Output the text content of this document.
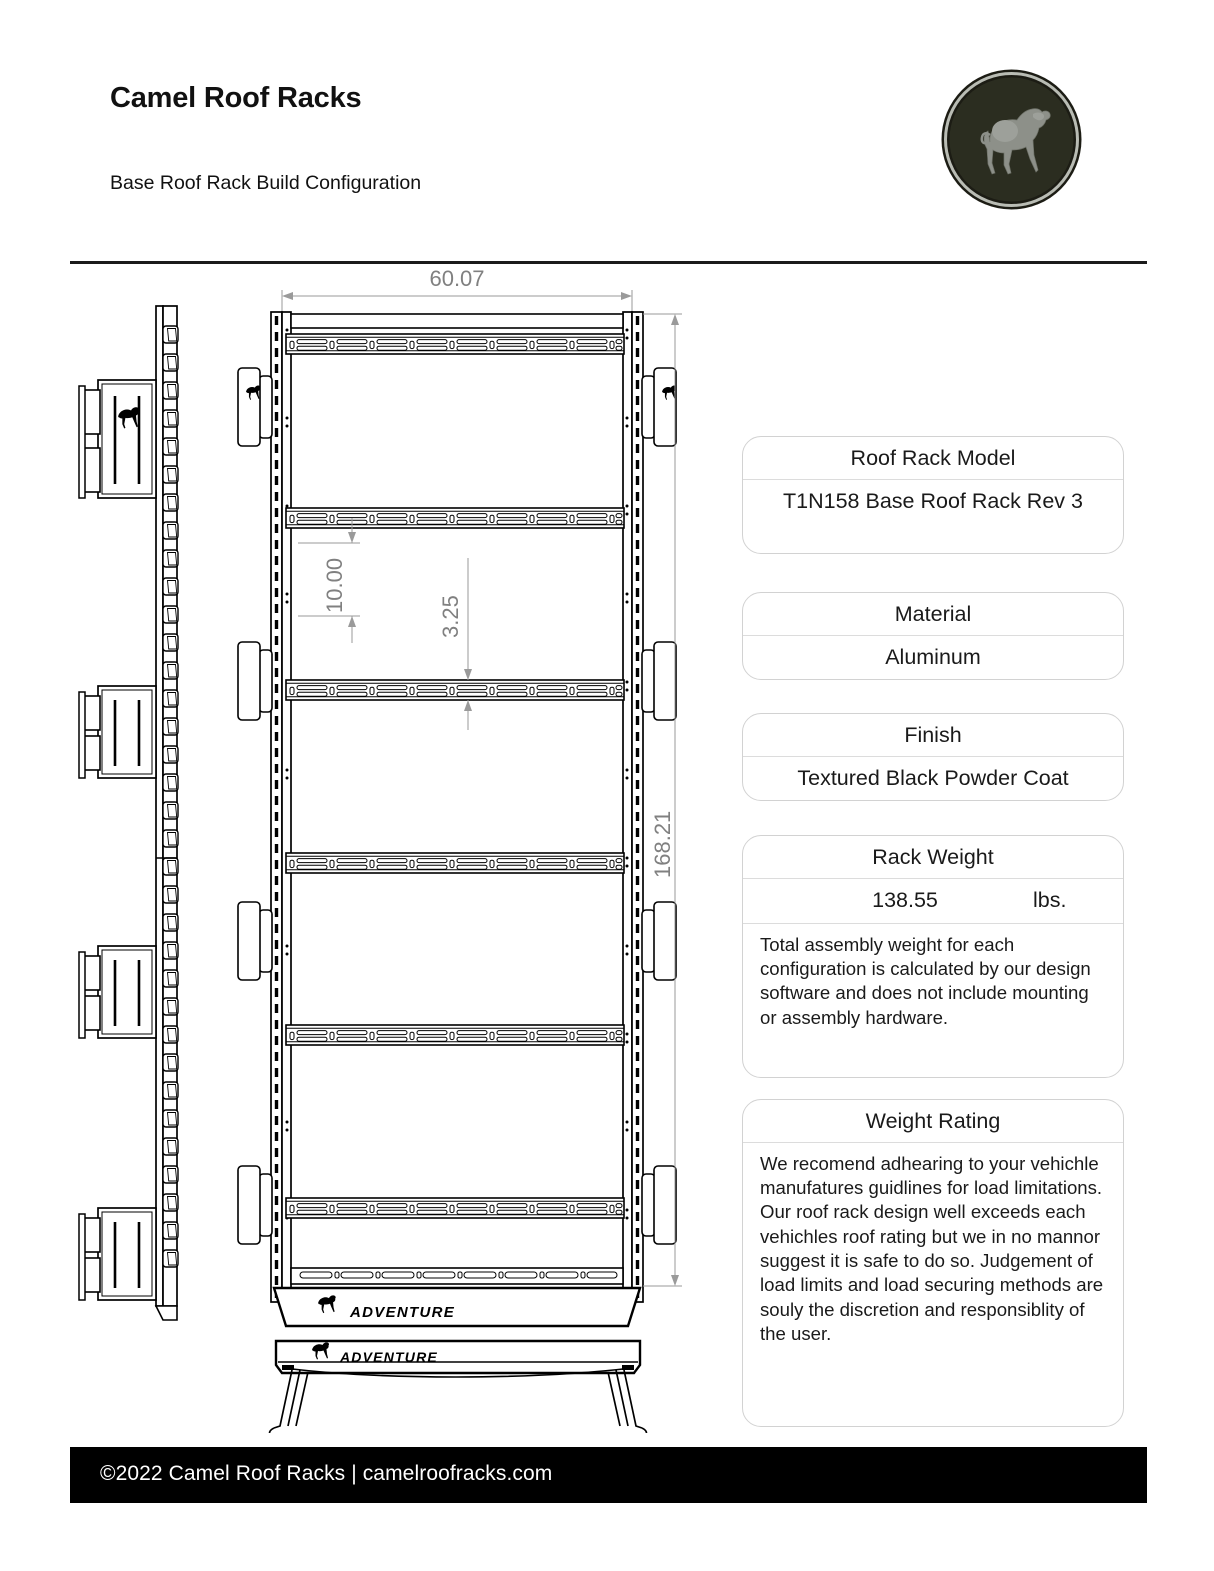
Camel Roof Racks
Base Roof Rack Build Configuration
ADVENTURE
ADVENTURE
60.07
10.00
3.25
168.21
Roof Rack Model
T1N158 Base Roof Rack Rev 3
Material
Aluminum
Finish
Textured Black Powder Coat
Rack Weight
138.55	lbs.
Total assembly weight for each configuration is calculated by our design software and does not include mounting or assembly hardware.
Weight Rating
We recomend adhearing to your vehichle manufatures guidlines for load limitations. Our roof rack design well exceeds each vehichles roof rating but we in no mannor suggest it is safe to do so. Judgement of load limits and load securing methods are souly the discretion and responsiblity of the user.
©2022 Camel Roof Racks | camelroofracks.com
